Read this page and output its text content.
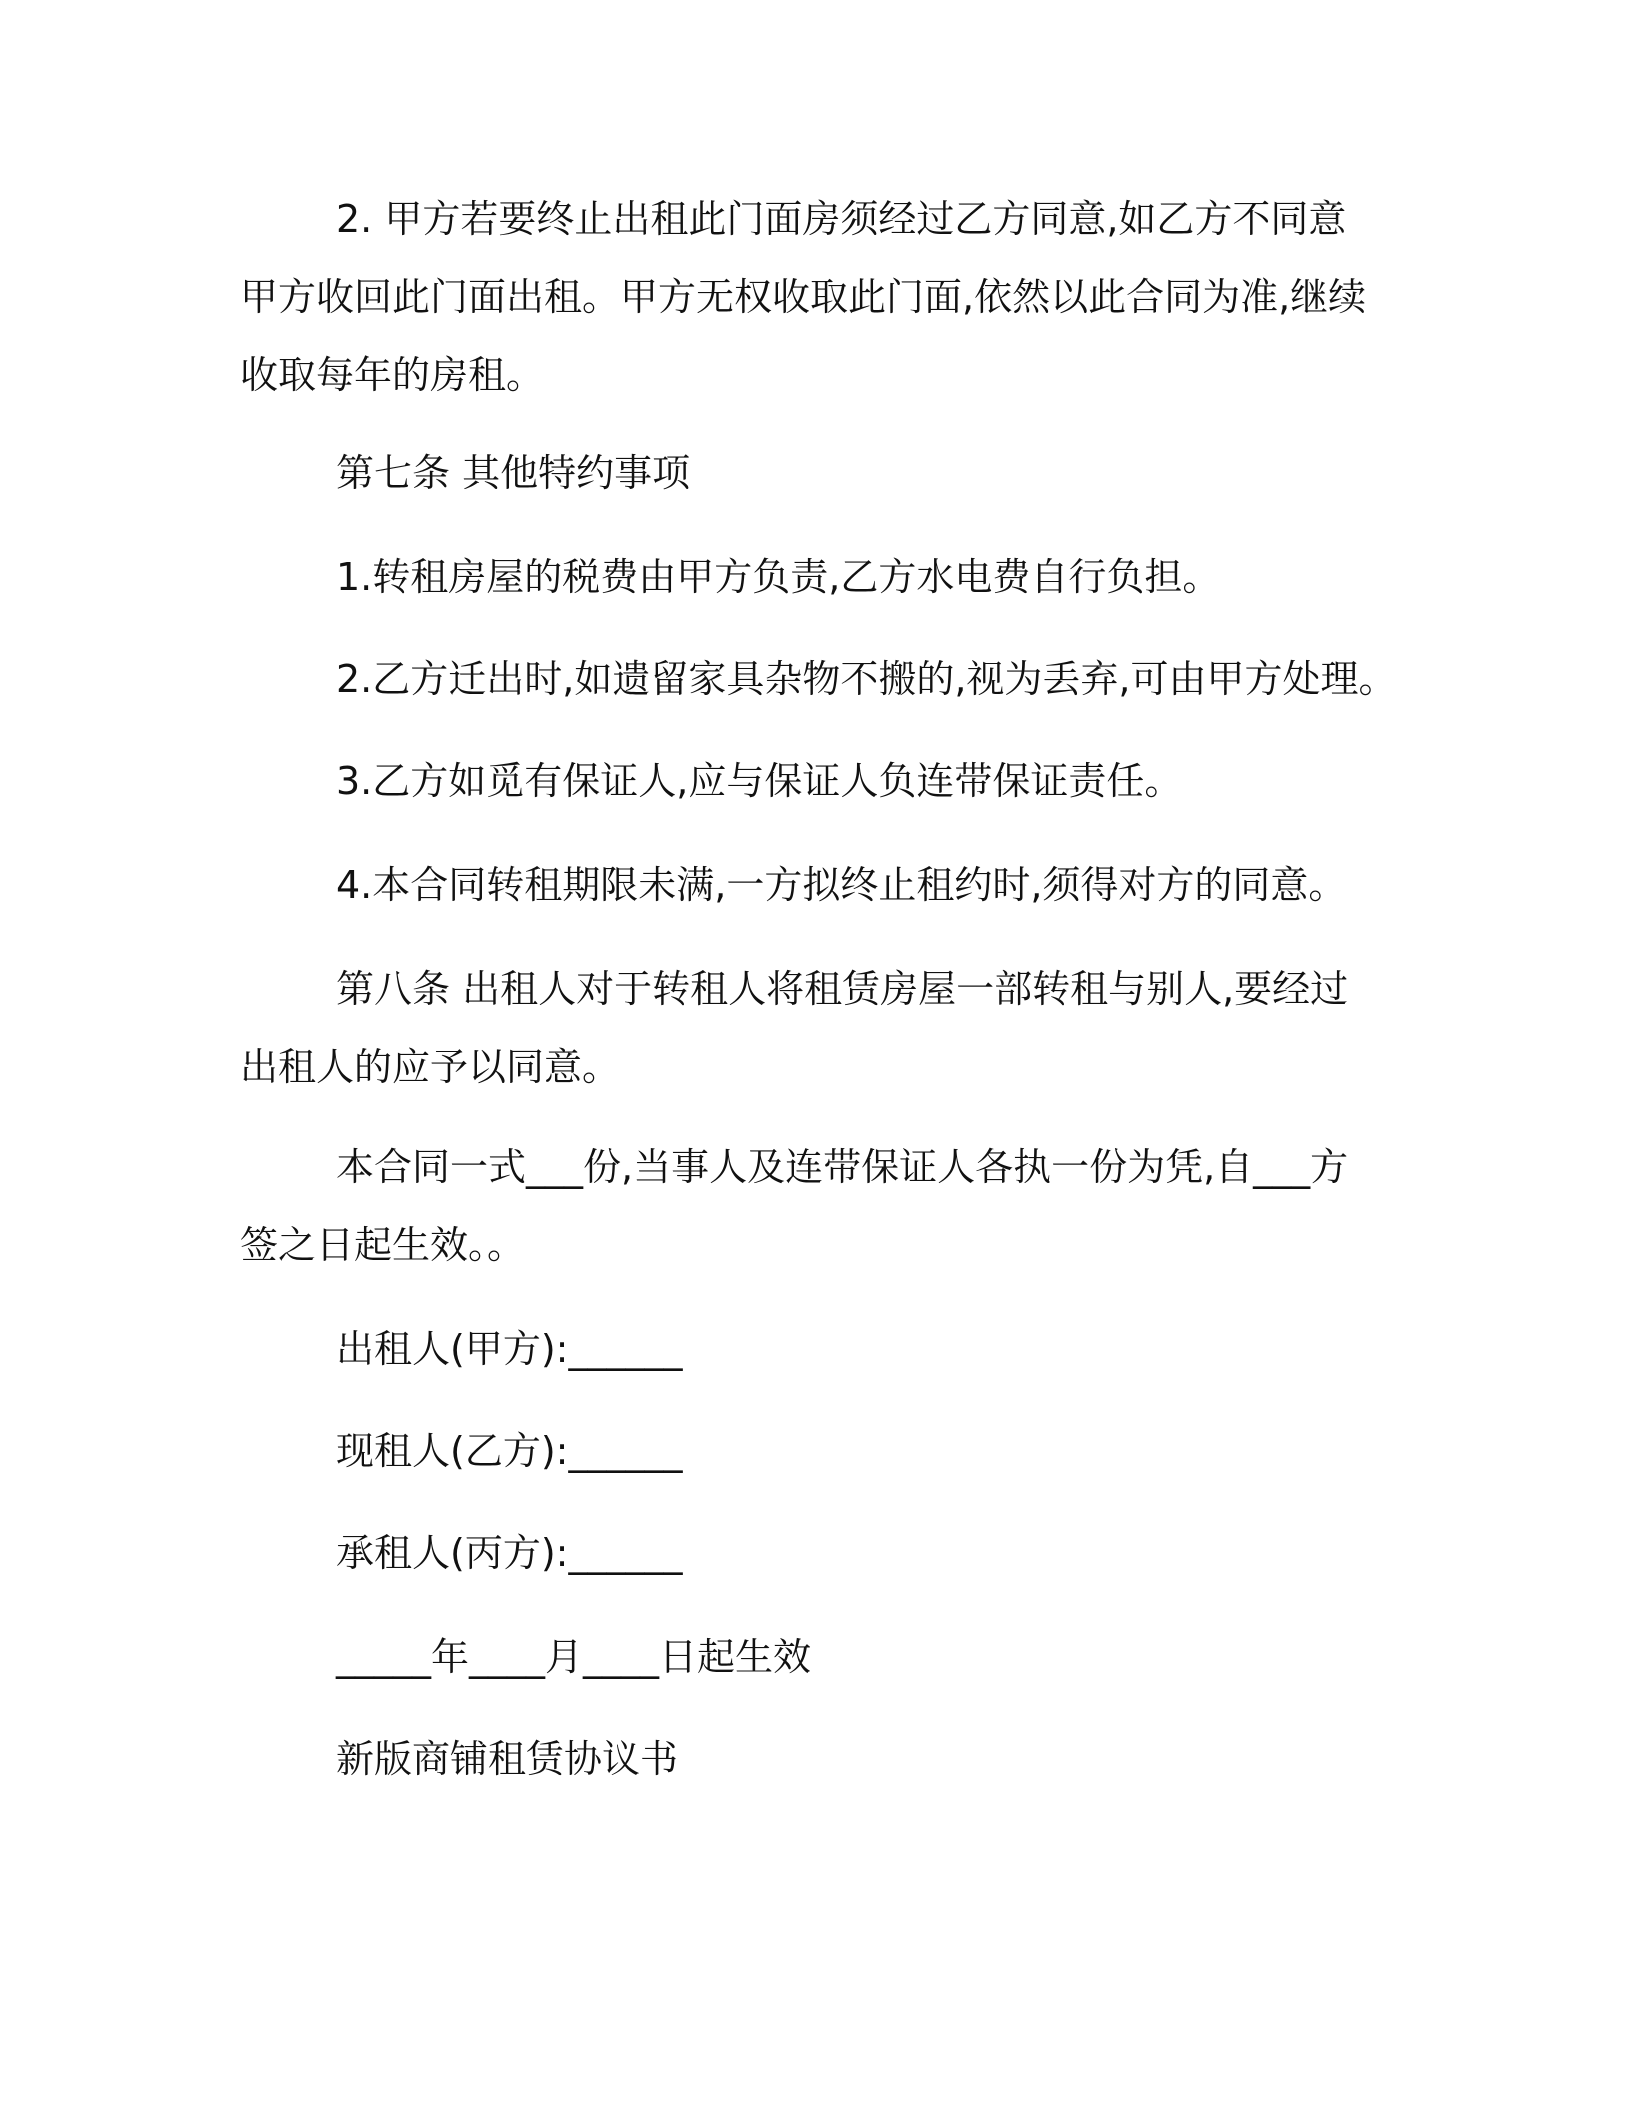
2. 甲方若要终止出租此门面房须经过乙方同意,如乙方不同意甲方收回此门面出租。甲方无权收取此门面,依然以此合同为准,继续收取每年的房租。

第七条 其他特约事项

1.转租房屋的税费由甲方负责,乙方水电费自行负担。

2.乙方迁出时,如遗留家具杂物不搬的,视为丢弃,可由甲方处理。

3.乙方如觅有保证人,应与保证人负连带保证责任。

4.本合同转租期限未满,一方拟终止租约时,须得对方的同意。

第八条 出租人对于转租人将租赁房屋一部转租与别人,要经过出租人的应予以同意。

本合同一式___份,当事人及连带保证人各执一份为凭,自___方签之日起生效。。

出租人(甲方):______

现租人(乙方):______

承租人(丙方):______

_____年____月____日起生效

新版商铺租赁协议书
